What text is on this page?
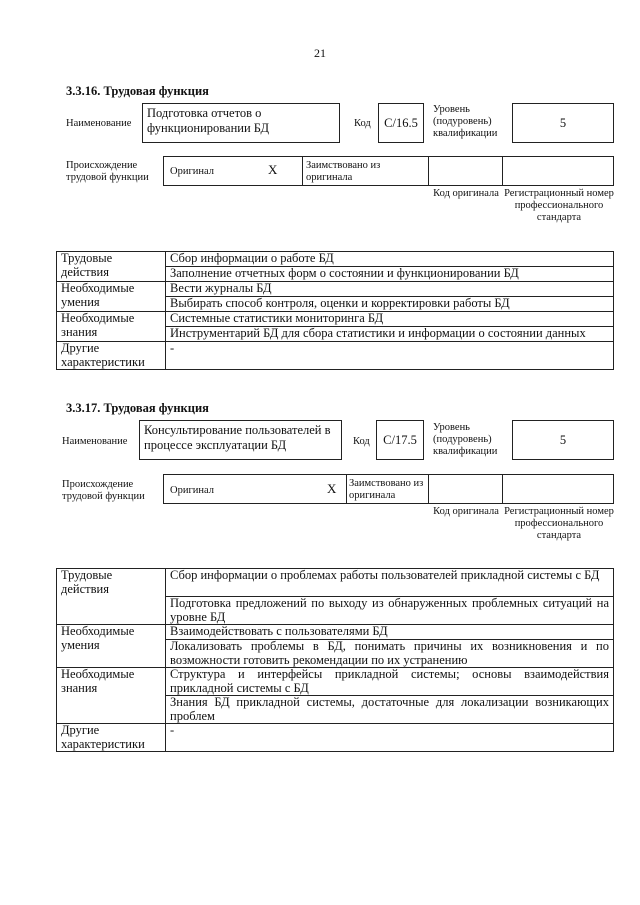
21
3.3.16. Трудовая функция
Наименование
Подготовка отчетов о функционировании БД	Код	С/16.5
Уровень (подуровень) квалификации
5
Происхождение трудовой функции
Оригинал	X	Заимствовано из оригинала
Код оригинала Регистрационный номер профессионального стандарта
Трудовые действия	Сбор информации о работе БД
	Заполнение отчетных форм о состоянии и функционировании БД
Необходимые умения	Вести журналы БД
	Выбирать способ контроля, оценки и корректировки работы БД
Необходимые знания	Системные статистики мониторинга БД
	Инструментарий БД для сбора статистики и информации о состоянии данных
Другие характеристики	-
3.3.17. Трудовая функция
Наименование
Консультирование пользователей в процессе эксплуатации БД	Код	С/17.5
Уровень (подуровень) квалификации
5
Происхождение трудовой функции
Оригинал	X Заимствовано из оригинала
Код оригинала Регистрационный номер профессионального стандарта
Трудовые действия	Сбор информации о проблемах работы пользователей прикладной системы с БД
	Подготовка предложений по выходу из обнаруженных проблемных ситуаций на уровне БД
Необходимые умения	Взаимодействовать с пользователями БД
	Локализовать проблемы в БД, понимать причины их возникновения и по возможности готовить рекомендации по их устранению
Необходимые знания	Структура и интерфейсы прикладной системы; основы взаимодействия прикладной системы с БД
	Знания БД прикладной системы, достаточные для локализации возникающих проблем
Другие характеристики	-
